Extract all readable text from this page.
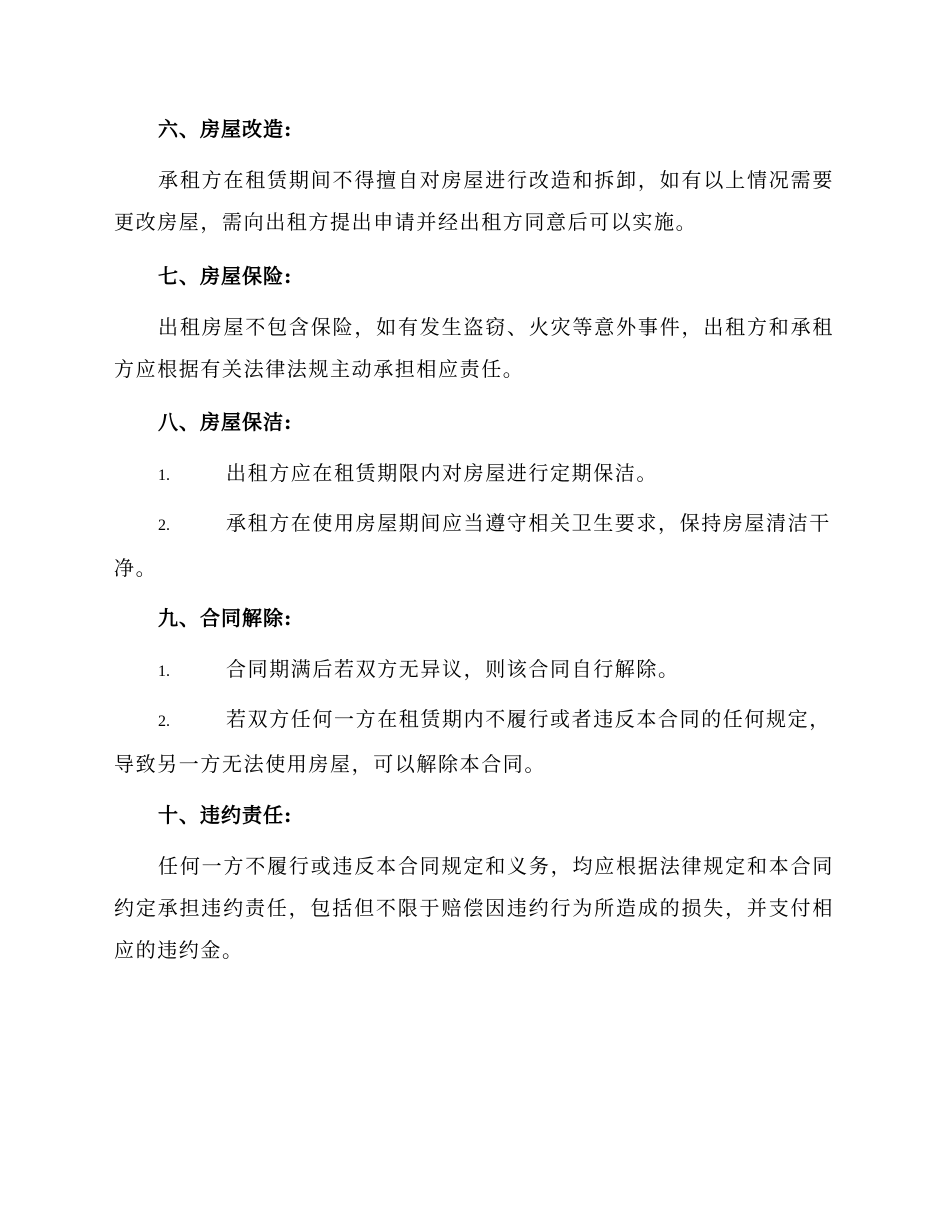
六、房屋改造:
承租方在租赁期间不得擅自对房屋进行改造和拆卸，如有以上情况需要更改房屋，需向出租方提出申请并经出租方同意后可以实施。
七、房屋保险:
出租房屋不包含保险，如有发生盗窃、火灾等意外事件，出租方和承租方应根据有关法律法规主动承担相应责任。
八、房屋保洁:
1.	出租方应在租赁期限内对房屋进行定期保洁。
2.	承租方在使用房屋期间应当遵守相关卫生要求，保持房屋清洁干净。
九、合同解除:
1.	合同期满后若双方无异议，则该合同自行解除。
2.	若双方任何一方在租赁期内不履行或者违反本合同的任何规定，导致另一方无法使用房屋，可以解除本合同。
十、违约责任:
任何一方不履行或违反本合同规定和义务，均应根据法律规定和本合同约定承担违约责任，包括但不限于赔偿因违约行为所造成的损失，并支付相应的违约金。
